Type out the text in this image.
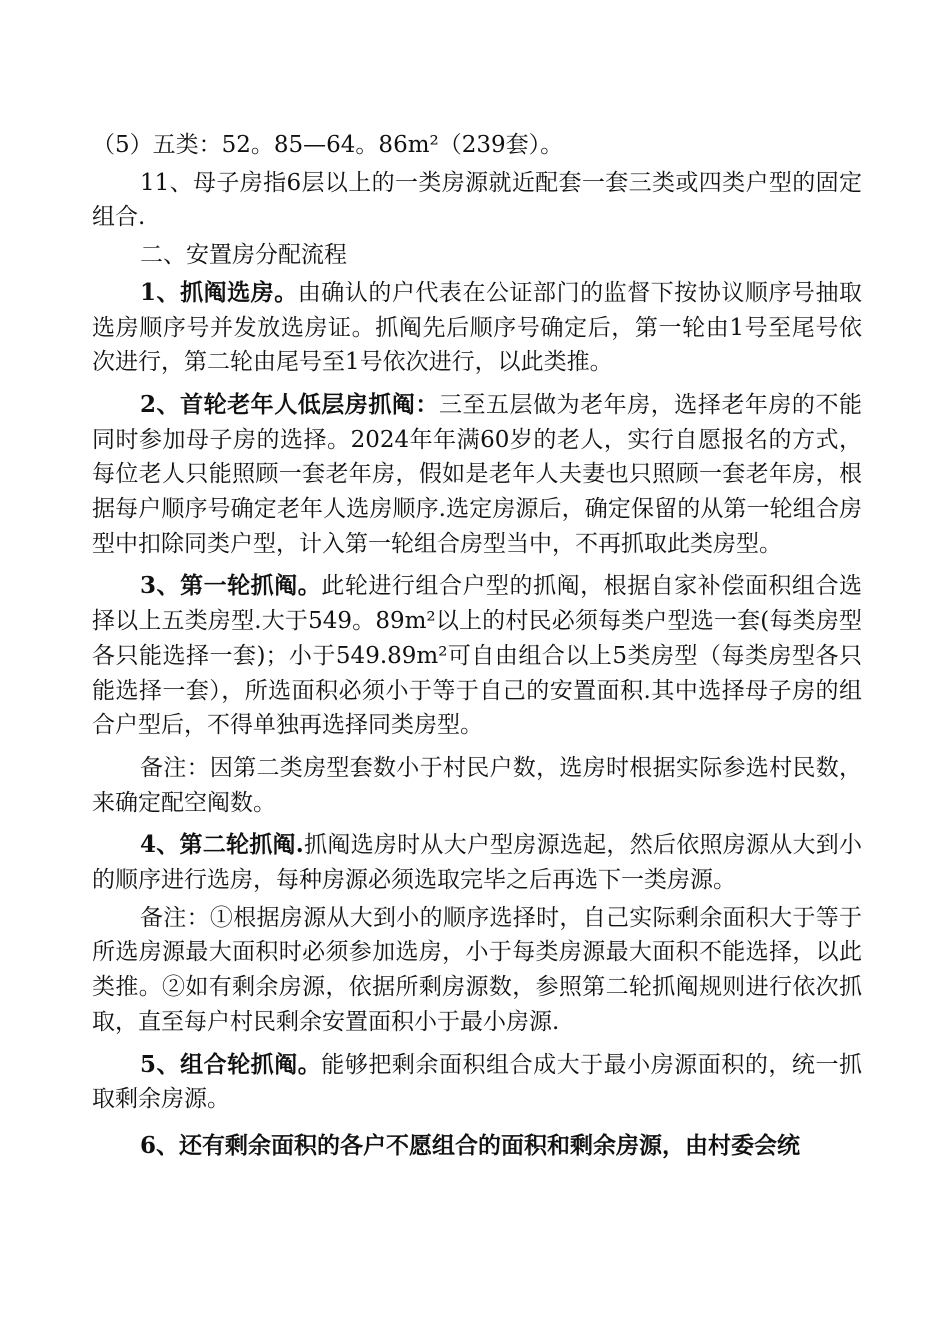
（5）五类：52。85—64。86m²（239套）。

11、母子房指6层以上的一类房源就近配套一套三类或四类户型的固定组合.

二、安置房分配流程

1、抓阄选房。由确认的户代表在公证部门的监督下按协议顺序号抽取选房顺序号并发放选房证。抓阄先后顺序号确定后，第一轮由1号至尾号依次进行，第二轮由尾号至1号依次进行，以此类推。

2、首轮老年人低层房抓阄：三至五层做为老年房，选择老年房的不能同时参加母子房的选择。2024年年满60岁的老人，实行自愿报名的方式，每位老人只能照顾一套老年房，假如是老年人夫妻也只照顾一套老年房，根据每户顺序号确定老年人选房顺序.选定房源后，确定保留的从第一轮组合房型中扣除同类户型，计入第一轮组合房型当中，不再抓取此类房型。

3、第一轮抓阄。此轮进行组合户型的抓阄，根据自家补偿面积组合选择以上五类房型.大于549。89m²以上的村民必须每类户型选一套(每类房型各只能选择一套)；小于549.89m²可自由组合以上5类房型（每类房型各只能选择一套），所选面积必须小于等于自己的安置面积.其中选择母子房的组合户型后，不得单独再选择同类房型。

备注：因第二类房型套数小于村民户数，选房时根据实际参选村民数，来确定配空阄数。

4、第二轮抓阄.抓阄选房时从大户型房源选起，然后依照房源从大到小的顺序进行选房，每种房源必须选取完毕之后再选下一类房源。

备注：①根据房源从大到小的顺序选择时，自己实际剩余面积大于等于所选房源最大面积时必须参加选房，小于每类房源最大面积不能选择，以此类推。②如有剩余房源，依据所剩房源数，参照第二轮抓阄规则进行依次抓取，直至每户村民剩余安置面积小于最小房源.

5、组合轮抓阄。能够把剩余面积组合成大于最小房源面积的，统一抓取剩余房源。

6、还有剩余面积的各户不愿组合的面积和剩余房源，由村委会统
